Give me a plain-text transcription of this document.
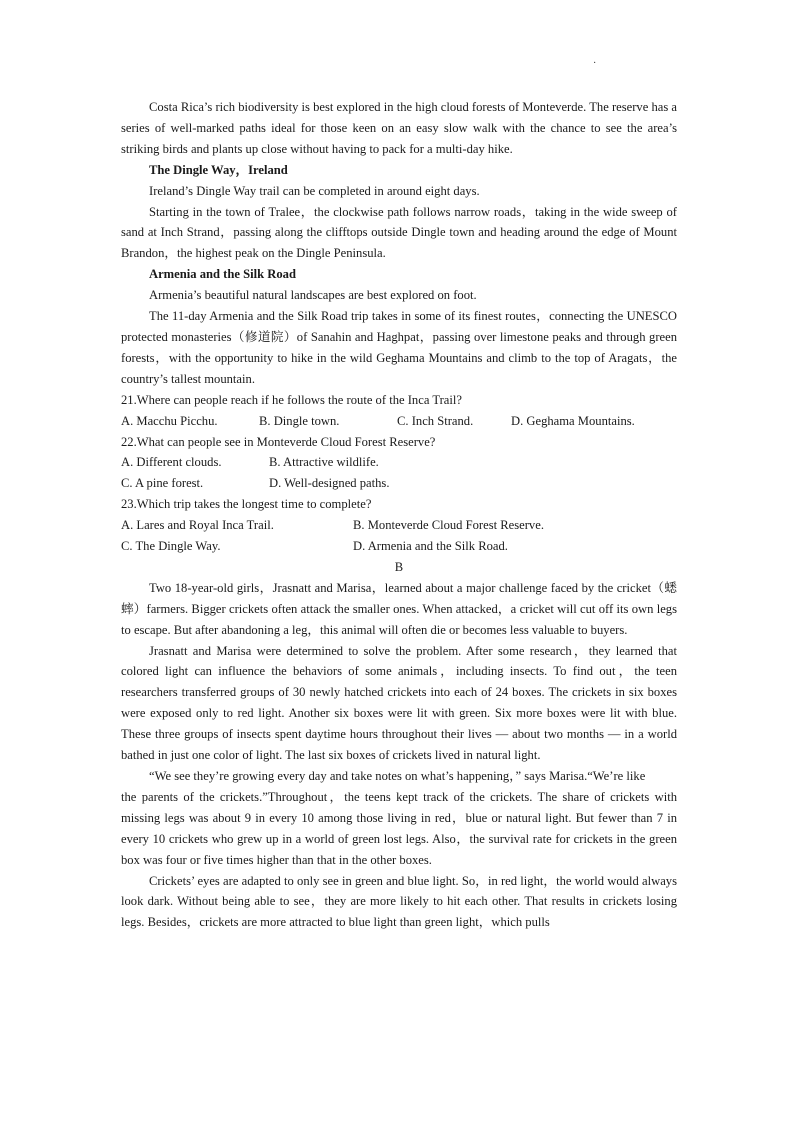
·

Costa Rica’s rich biodiversity is best explored in the high cloud forests of Monteverde. The reserve has a series of well-marked paths ideal for those keen on an easy slow walk with the chance to see the area’s striking birds and plants up close without having to pack for a multi-day hike.

The Dingle Way，Ireland

Ireland’s Dingle Way trail can be completed in around eight days.

Starting in the town of Tralee，the clockwise path follows narrow roads，taking in the wide sweep of sand at Inch Strand，passing along the clifftops outside Dingle town and heading around the edge of Mount Brandon，the highest peak on the Dingle Peninsula.

Armenia and the Silk Road

Armenia’s beautiful natural landscapes are best explored on foot.

The 11-day Armenia and the Silk Road trip takes in some of its finest routes，connecting the UNESCO protected monasteries（修道院）of Sanahin and Haghpat，passing over limestone peaks and through green forests，with the opportunity to hike in the wild Geghama Mountains and climb to the top of Aragats，the country’s tallest mountain.

21.Where can people reach if he follows the route of the Inca Trail?

A. Macchu Picchu.	B. Dingle town.	C. Inch Strand.	D. Geghama Mountains.

22.What can people see in Monteverde Cloud Forest Reserve?

A. Different clouds.	B. Attractive wildlife.

C. A pine forest.	D. Well-designed paths.

23.Which trip takes the longest time to complete?

A. Lares and Royal Inca Trail.	B. Monteverde Cloud Forest Reserve.

C. The Dingle Way.	D. Armenia and the Silk Road.

B

Two 18-year-old girls，Jrasnatt and Marisa，learned about a major challenge faced by the cricket（蟋蟀）farmers. Bigger crickets often attack the smaller ones. When attacked，a cricket will cut off its own legs to escape. But after abandoning a leg，this animal will often die or becomes less valuable to buyers.

Jrasnatt and Marisa were determined to solve the problem. After some research，they learned that colored light can influence the behaviors of some animals，including insects. To find out，the teen researchers transferred groups of 30 newly hatched crickets into each of 24 boxes. The crickets in six boxes were exposed only to red light. Another six boxes were lit with green. Six more boxes were lit with blue. These three groups of insects spent daytime hours throughout their lives — about two months — in a world bathed in just one color of light. The last six boxes of crickets lived in natural light.

“We see they’re growing every day and take notes on what’s happening，” says Marisa.“We’re like

the parents of the crickets.”Throughout，the teens kept track of the crickets. The share of crickets with missing legs was about 9 in every 10 among those living in red，blue or natural light. But fewer than 7 in every 10 crickets who grew up in a world of green lost legs. Also，the survival rate for crickets in the green box was four or five times higher than that in the other boxes.

Crickets’ eyes are adapted to only see in green and blue light. So，in red light，the world would always look dark. Without being able to see，they are more likely to hit each other. That results in crickets losing legs. Besides，crickets are more attracted to blue light than green light，which pulls
